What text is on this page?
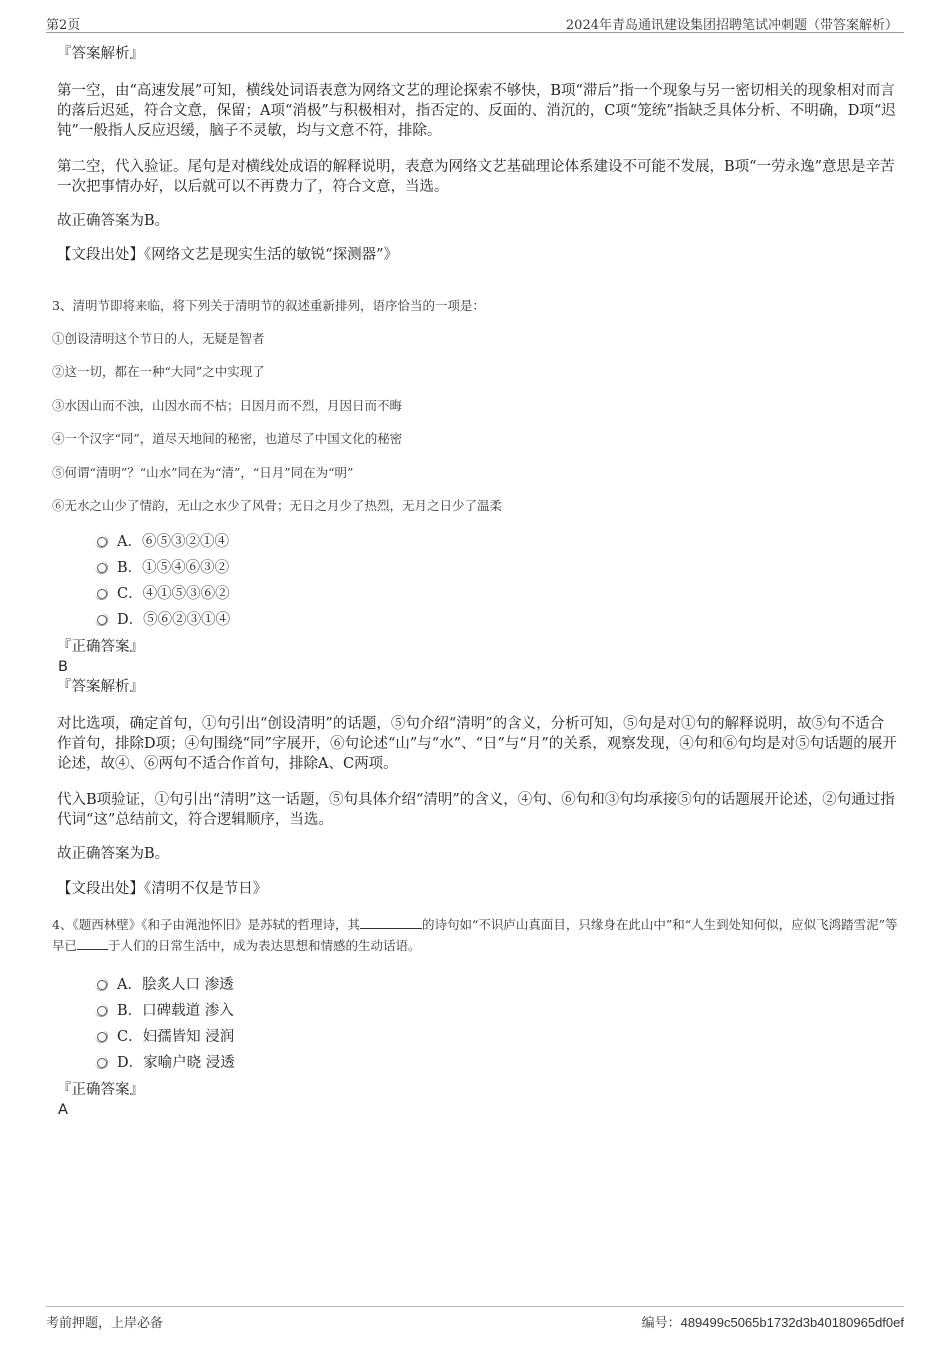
第2页	2024年青岛通讯建设集团招聘笔试冲刺题（带答案解析）
『答案解析』
第一空，由“高速发展”可知，横线处词语表意为网络文艺的理论探索不够快，B项“滞后”指一个现象与另一密切相关的现象相对而言的落后迟延，符合文意，保留；A项“消极”与积极相对，指否定的、反面的、消沉的，C项“笼统”指缺乏具体分析、不明确，D项“迟钝”一般指人反应迟缓，脑子不灵敏，均与文意不符，排除。
第二空，代入验证。尾句是对横线处成语的解释说明，表意为网络文艺基础理论体系建设不可能不发展，B项“一劳永逸”意思是辛苦一次把事情办好，以后就可以不再费力了，符合文意，当选。
故正确答案为B。
【文段出处】《网络文艺是现实生活的敏锐“探测器”》
3、清明节即将来临，将下列关于清明节的叙述重新排列，语序恰当的一项是：
①创设清明这个节日的人，无疑是智者
②这一切，都在一种“大同”之中实现了
③水因山而不浊，山因水而不枯；日因月而不烈，月因日而不晦
④一个汉字“同”，道尽天地间的秘密，也道尽了中国文化的秘密
⑤何谓“清明”？“山水”同在为“清”，“日月”同在为“明”
⑥无水之山少了情韵，无山之水少了风骨；无日之月少了热烈，无月之日少了温柔
A．⑥⑤③②①④
B．①⑤④⑥③②
C．④①⑤③⑥②
D．⑤⑥②③①④
『正确答案』
B
『答案解析』
对比选项，确定首句，①句引出“创设清明”的话题，⑤句介绍“清明”的含义，分析可知，⑤句是对①句的解释说明，故⑤句不适合作首句，排除D项；④句围绕“同”字展开，⑥句论述“山”与“水”、“日”与“月”的关系，观察发现，④句和⑥句均是对⑤句话题的展开论述，故④、⑥两句不适合作首句，排除A、C两项。
代入B项验证，①句引出“清明”这一话题，⑤句具体介绍“清明”的含义，④句、⑥句和③句均承接⑤句的话题展开论述，②句通过指代词“这”总结前文，符合逻辑顺序，当选。
故正确答案为B。
【文段出处】《清明不仅是节日》
4、《题西林壁》《和子由渑池怀旧》是苏轼的哲理诗，其	的诗句如“不识庐山真面目，只缘身在此山中”和“人生到处知何似，应似飞鸿踏雪泥”等早已 于人们的日常生活中，成为表达思想和情感的生动话语。
A．脍炙人口 渗透
B．口碑载道 渗入
C．妇孺皆知 浸润
D．家喻户晓 浸透
『正确答案』
A
考前押题，上岸必备	编号：489499c5065b1732d3b40180965df0ef
